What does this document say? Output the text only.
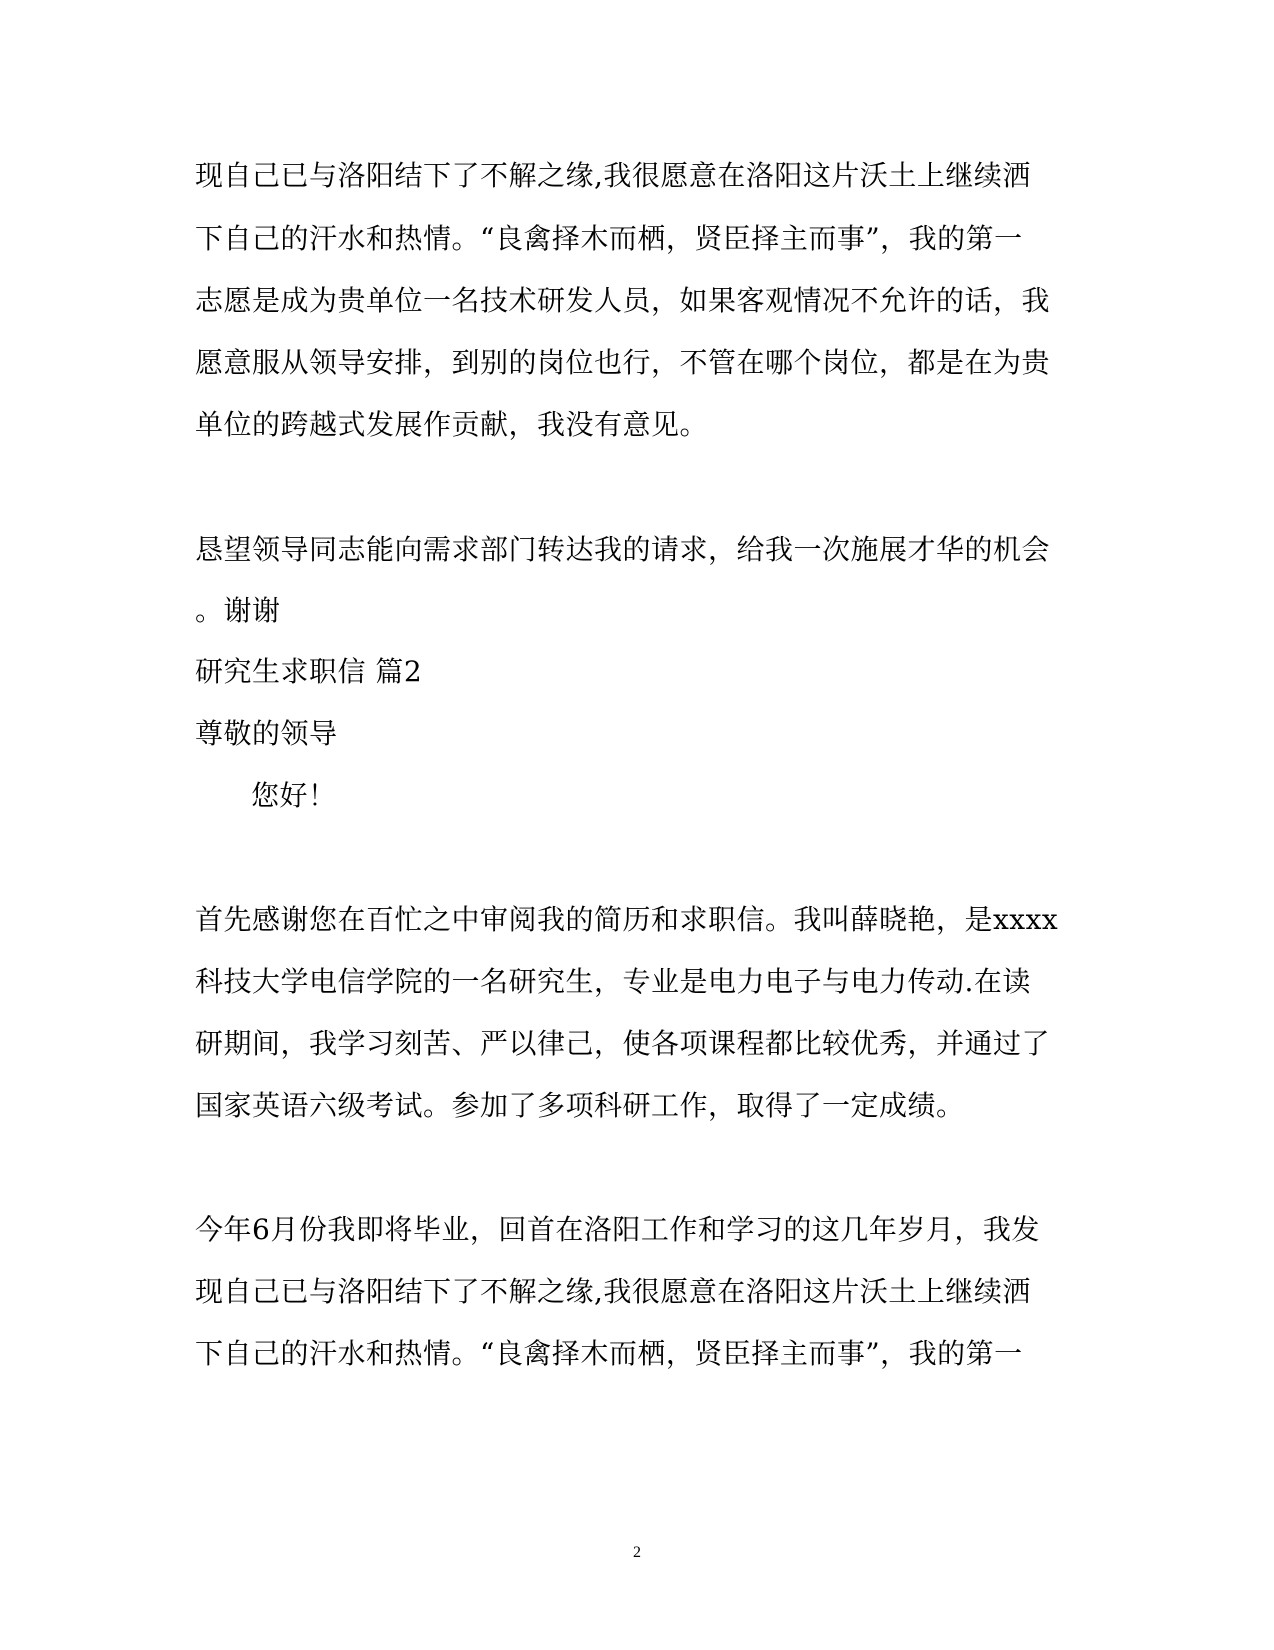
现自己已与洛阳结下了不解之缘,我很愿意在洛阳这片沃土上继续洒
下自己的汗水和热情。“良禽择木而栖，贤臣择主而事”，我的第一
志愿是成为贵单位一名技术研发人员，如果客观情况不允许的话，我
愿意服从领导安排，到别的岗位也行，不管在哪个岗位，都是在为贵
单位的跨越式发展作贡献，我没有意见。
恳望领导同志能向需求部门转达我的请求，给我一次施展才华的机会
。谢谢
研究生求职信 篇2
尊敬的领导
您好！
首先感谢您在百忙之中审阅我的简历和求职信。我叫薛晓艳，是xxxx
科技大学电信学院的一名研究生，专业是电力电子与电力传动.在读
研期间，我学习刻苦、严以律己，使各项课程都比较优秀，并通过了
国家英语六级考试。参加了多项科研工作，取得了一定成绩。
今年6月份我即将毕业，回首在洛阳工作和学习的这几年岁月，我发
现自己已与洛阳结下了不解之缘,我很愿意在洛阳这片沃土上继续洒
下自己的汗水和热情。“良禽择木而栖，贤臣择主而事”，我的第一
2
